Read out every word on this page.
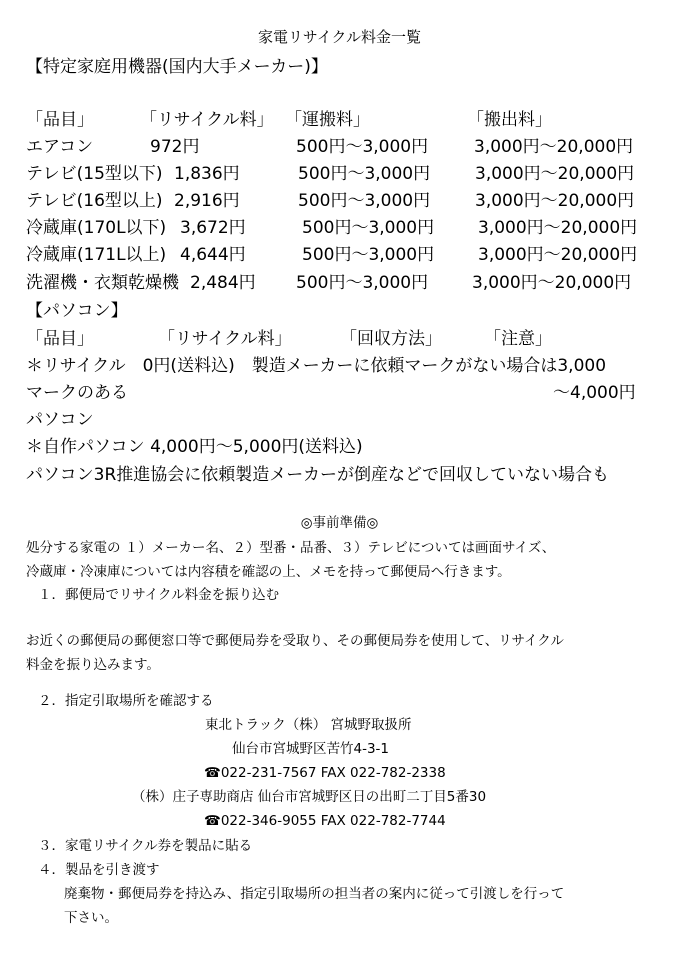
家電リサイクル料金一覧
【特定家庭用機器(国内大手メーカー)】
「品目」	「リサイクル料」 「運搬料」	「搬出料」
エアコン	972円	500円～3,000円	3,000円～20,000円
テレビ(15型以下) 1,836円	500円～3,000円	3,000円～20,000円
テレビ(16型以上) 2,916円	500円～3,000円	3,000円～20,000円
冷蔵庫(170L以下) 3,672円	500円～3,000円	3,000円～20,000円
冷蔵庫(171L以上) 4,644円	500円～3,000円	3,000円～20,000円
洗濯機・衣類乾燥機 2,484円 500円～3,000円	3,000円～20,000円
【パソコン】
「品目」	「リサイクル料」	「回収方法」 「注意」
＊リサイクル　0円(送料込)　製造メーカーに依頼マークがない場合は3,000
マークのある	～4,000円
パソコン
＊自作パソコン 4,000円～5,000円(送料込)
パソコン3R推進協会に依頼製造メーカーが倒産などで回収していない場合も
◎事前準備◎
処分する家電の １）メーカー名、２）型番・品番、３）テレビについては画面サイズ、
冷蔵庫・冷凍庫については内容積を確認の上、メモを持って郵便局へ行きます。
１．郵便局でリサイクル料金を振り込む
お近くの郵便局の郵便窓口等で郵便局券を受取り、その郵便局券を使用して、リサイクル
料金を振り込みます。
２．指定引取場所を確認する
東北トラック（株） 宮城野取扱所
仙台市宮城野区苦竹4-3-1
☎022-231-7567 FAX 022-782-2338
（株）庄子専助商店 仙台市宮城野区日の出町二丁目5番30
☎022-346-9055 FAX 022-782-7744
３．家電リサイクル券を製品に貼る
４．製品を引き渡す
廃棄物・郵便局券を持込み、指定引取場所の担当者の案内に従って引渡しを行って
下さい。
